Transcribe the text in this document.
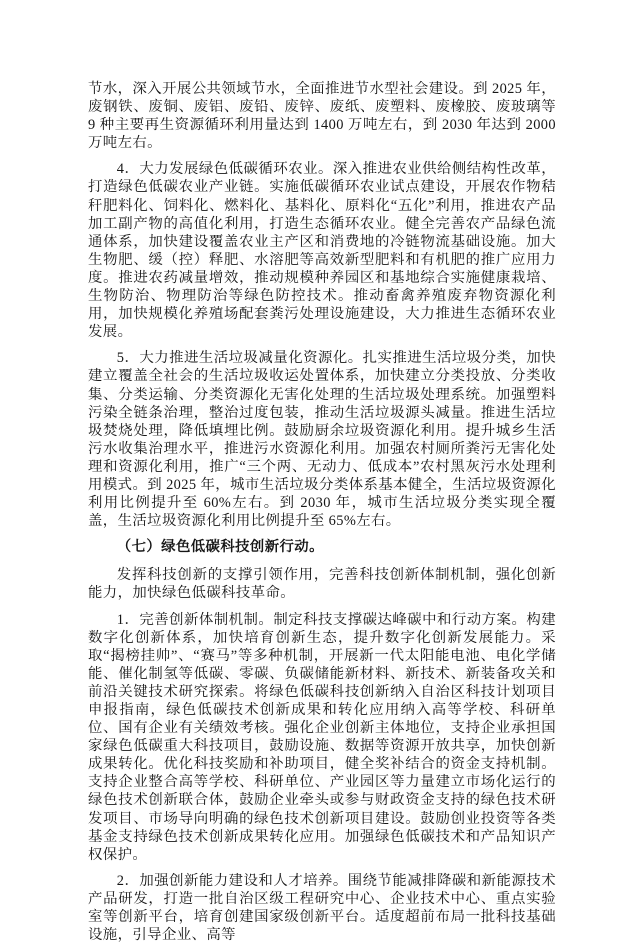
节水，深入开展公共领域节水，全面推进节水型社会建设。到 2025 年，废钢铁、废铜、废铝、废铅、废锌、废纸、废塑料、废橡胶、废玻璃等 9 种主要再生资源循环利用量达到 1400 万吨左右，到 2030 年达到 2000 万吨左右。

4．大力发展绿色低碳循环农业。深入推进农业供给侧结构性改革，打造绿色低碳农业产业链。实施低碳循环农业试点建设，开展农作物秸秆肥料化、饲料化、燃料化、基料化、原料化“五化”利用，推进农产品加工副产物的高值化利用，打造生态循环农业。健全完善农产品绿色流通体系，加快建设覆盖农业主产区和消费地的冷链物流基础设施。加大生物肥、缓（控）释肥、水溶肥等高效新型肥料和有机肥的推广应用力度。推进农药减量增效，推动规模种养园区和基地综合实施健康栽培、生物防治、物理防治等绿色防控技术。推动畜禽养殖废弃物资源化利用，加快规模化养殖场配套粪污处理设施建设，大力推进生态循环农业发展。

5．大力推进生活垃圾减量化资源化。扎实推进生活垃圾分类，加快建立覆盖全社会的生活垃圾收运处置体系，加快建立分类投放、分类收集、分类运输、分类资源化无害化处理的生活垃圾处理系统。加强塑料污染全链条治理，整治过度包装，推动生活垃圾源头减量。推进生活垃圾焚烧处理，降低填埋比例。鼓励厨余垃圾资源化利用。提升城乡生活污水收集治理水平，推进污水资源化利用。加强农村厕所粪污无害化处理和资源化利用，推广“三个两、无动力、低成本”农村黑灰污水处理利用模式。到 2025 年，城市生活垃圾分类体系基本健全，生活垃圾资源化利用比例提升至 60%左右。到 2030 年，城市生活垃圾分类实现全覆盖，生活垃圾资源化利用比例提升至 65%左右。

（七）绿色低碳科技创新行动。

发挥科技创新的支撑引领作用，完善科技创新体制机制，强化创新能力，加快绿色低碳科技革命。

1．完善创新体制机制。制定科技支撑碳达峰碳中和行动方案。构建数字化创新体系，加快培育创新生态，提升数字化创新发展能力。采取“揭榜挂帅”、“赛马”等多种机制，开展新一代太阳能电池、电化学储能、催化制氢等低碳、零碳、负碳储能新材料、新技术、新装备攻关和前沿关键技术研究探索。将绿色低碳科技创新纳入自治区科技计划项目申报指南，绿色低碳技术创新成果和转化应用纳入高等学校、科研单位、国有企业有关绩效考核。强化企业创新主体地位，支持企业承担国家绿色低碳重大科技项目，鼓励设施、数据等资源开放共享，加快创新成果转化。优化科技奖励和补助项目，健全奖补结合的资金支持机制。支持企业整合高等学校、科研单位、产业园区等力量建立市场化运行的绿色技术创新联合体，鼓励企业牵头或参与财政资金支持的绿色技术研发项目、市场导向明确的绿色技术创新项目建设。鼓励创业投资等各类基金支持绿色技术创新成果转化应用。加强绿色低碳技术和产品知识产权保护。

2．加强创新能力建设和人才培养。围绕节能减排降碳和新能源技术产品研发，打造一批自治区级工程研究中心、企业技术中心、重点实验室等创新平台，培育创建国家级创新平台。适度超前布局一批科技基础设施，引导企业、高等
